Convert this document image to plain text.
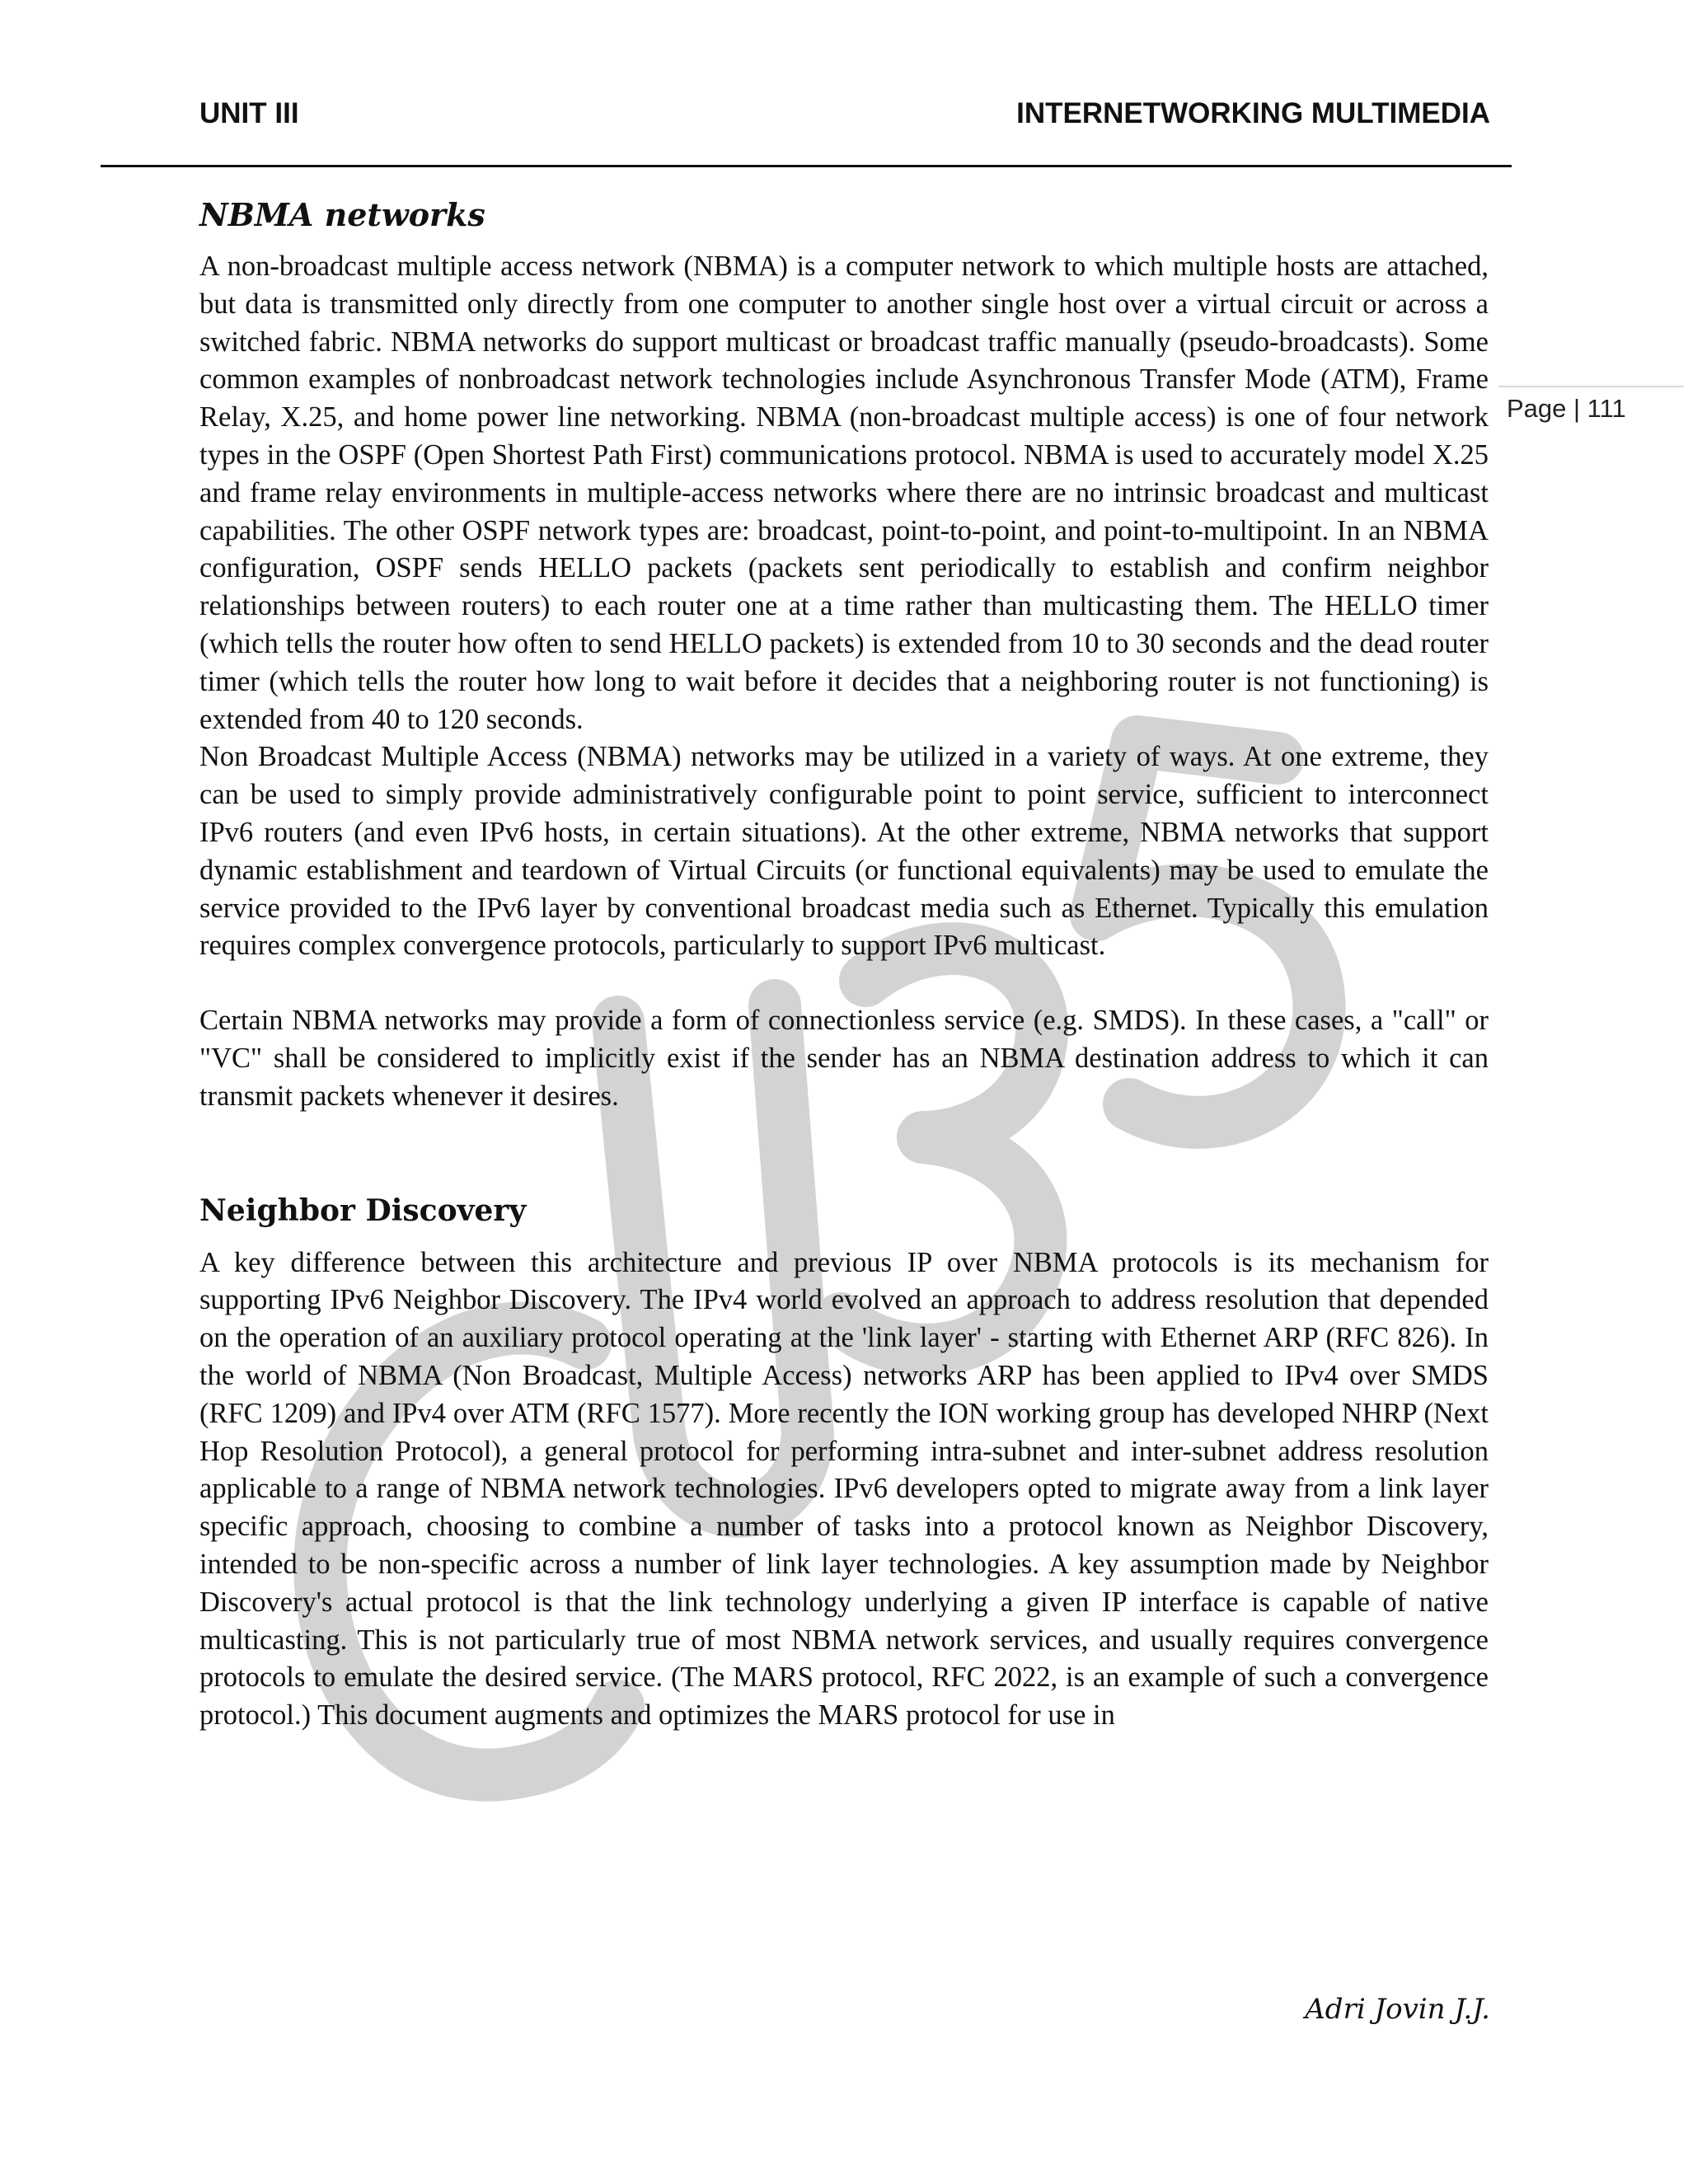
UNIT III	INTERNETWORKING MULTIMEDIA
Page | 111
NBMA networks

A non-broadcast multiple access network (NBMA) is a computer network to which multiple hosts are attached, but data is transmitted only directly from one computer to another single host over a virtual circuit or across a switched fabric. NBMA networks do support multicast or broadcast traffic manually (pseudo-broadcasts). Some common examples of nonbroadcast network technologies include Asynchronous Transfer Mode (ATM), Frame Relay, X.25, and home power line networking. NBMA (non-broadcast multiple access) is one of four network types in the OSPF (Open Shortest Path First) communications protocol. NBMA is used to accurately model X.25 and frame relay environments in multiple-access networks where there are no intrinsic broadcast and multicast capabilities. The other OSPF network types are: broadcast, point-to-point, and point-to-multipoint. In an NBMA configuration, OSPF sends HELLO packets (packets sent periodically to establish and confirm neighbor relationships between routers) to each router one at a time rather than multicasting them. The HELLO timer (which tells the router how often to send HELLO packets) is extended from 10 to 30 seconds and the dead router timer (which tells the router how long to wait before it decides that a neighboring router is not functioning) is extended from 40 to 120 seconds.

Non Broadcast Multiple Access (NBMA) networks may be utilized in a variety of ways. At one extreme, they can be used to simply provide administratively configurable point to point service, sufficient to interconnect IPv6 routers (and even IPv6 hosts, in certain situations). At the other extreme, NBMA networks that support dynamic establishment and teardown of Virtual Circuits (or functional equivalents) may be used to emulate the service provided to the IPv6 layer by conventional broadcast media such as Ethernet. Typically this emulation requires complex convergence protocols, particularly to support IPv6 multicast.

Certain NBMA networks may provide a form of connectionless service (e.g. SMDS). In these cases, a "call" or "VC" shall be considered to implicitly exist if the sender has an NBMA destination address to which it can transmit packets whenever it desires.

Neighbor Discovery

A key difference between this architecture and previous IP over NBMA protocols is its mechanism for supporting IPv6 Neighbor Discovery. The IPv4 world evolved an approach to address resolution that depended on the operation of an auxiliary protocol operating at the 'link layer' - starting with Ethernet ARP (RFC 826). In the world of NBMA (Non Broadcast, Multiple Access) networks ARP has been applied to IPv4 over SMDS (RFC 1209) and IPv4 over ATM (RFC 1577). More recently the ION working group has developed NHRP (Next Hop Resolution Protocol), a general protocol for performing intra-subnet and inter-subnet address resolution applicable to a range of NBMA network technologies. IPv6 developers opted to migrate away from a link layer specific approach, choosing to combine a number of tasks into a protocol known as Neighbor Discovery, intended to be non-specific across a number of link layer technologies. A key assumption made by Neighbor Discovery's actual protocol is that the link technology underlying a given IP interface is capable of native multicasting. This is not particularly true of most NBMA network services, and usually requires convergence protocols to emulate the desired service. (The MARS protocol, RFC 2022, is an example of such a convergence protocol.) This document augments and optimizes the MARS protocol for use in

Adri Jovin J.J.
